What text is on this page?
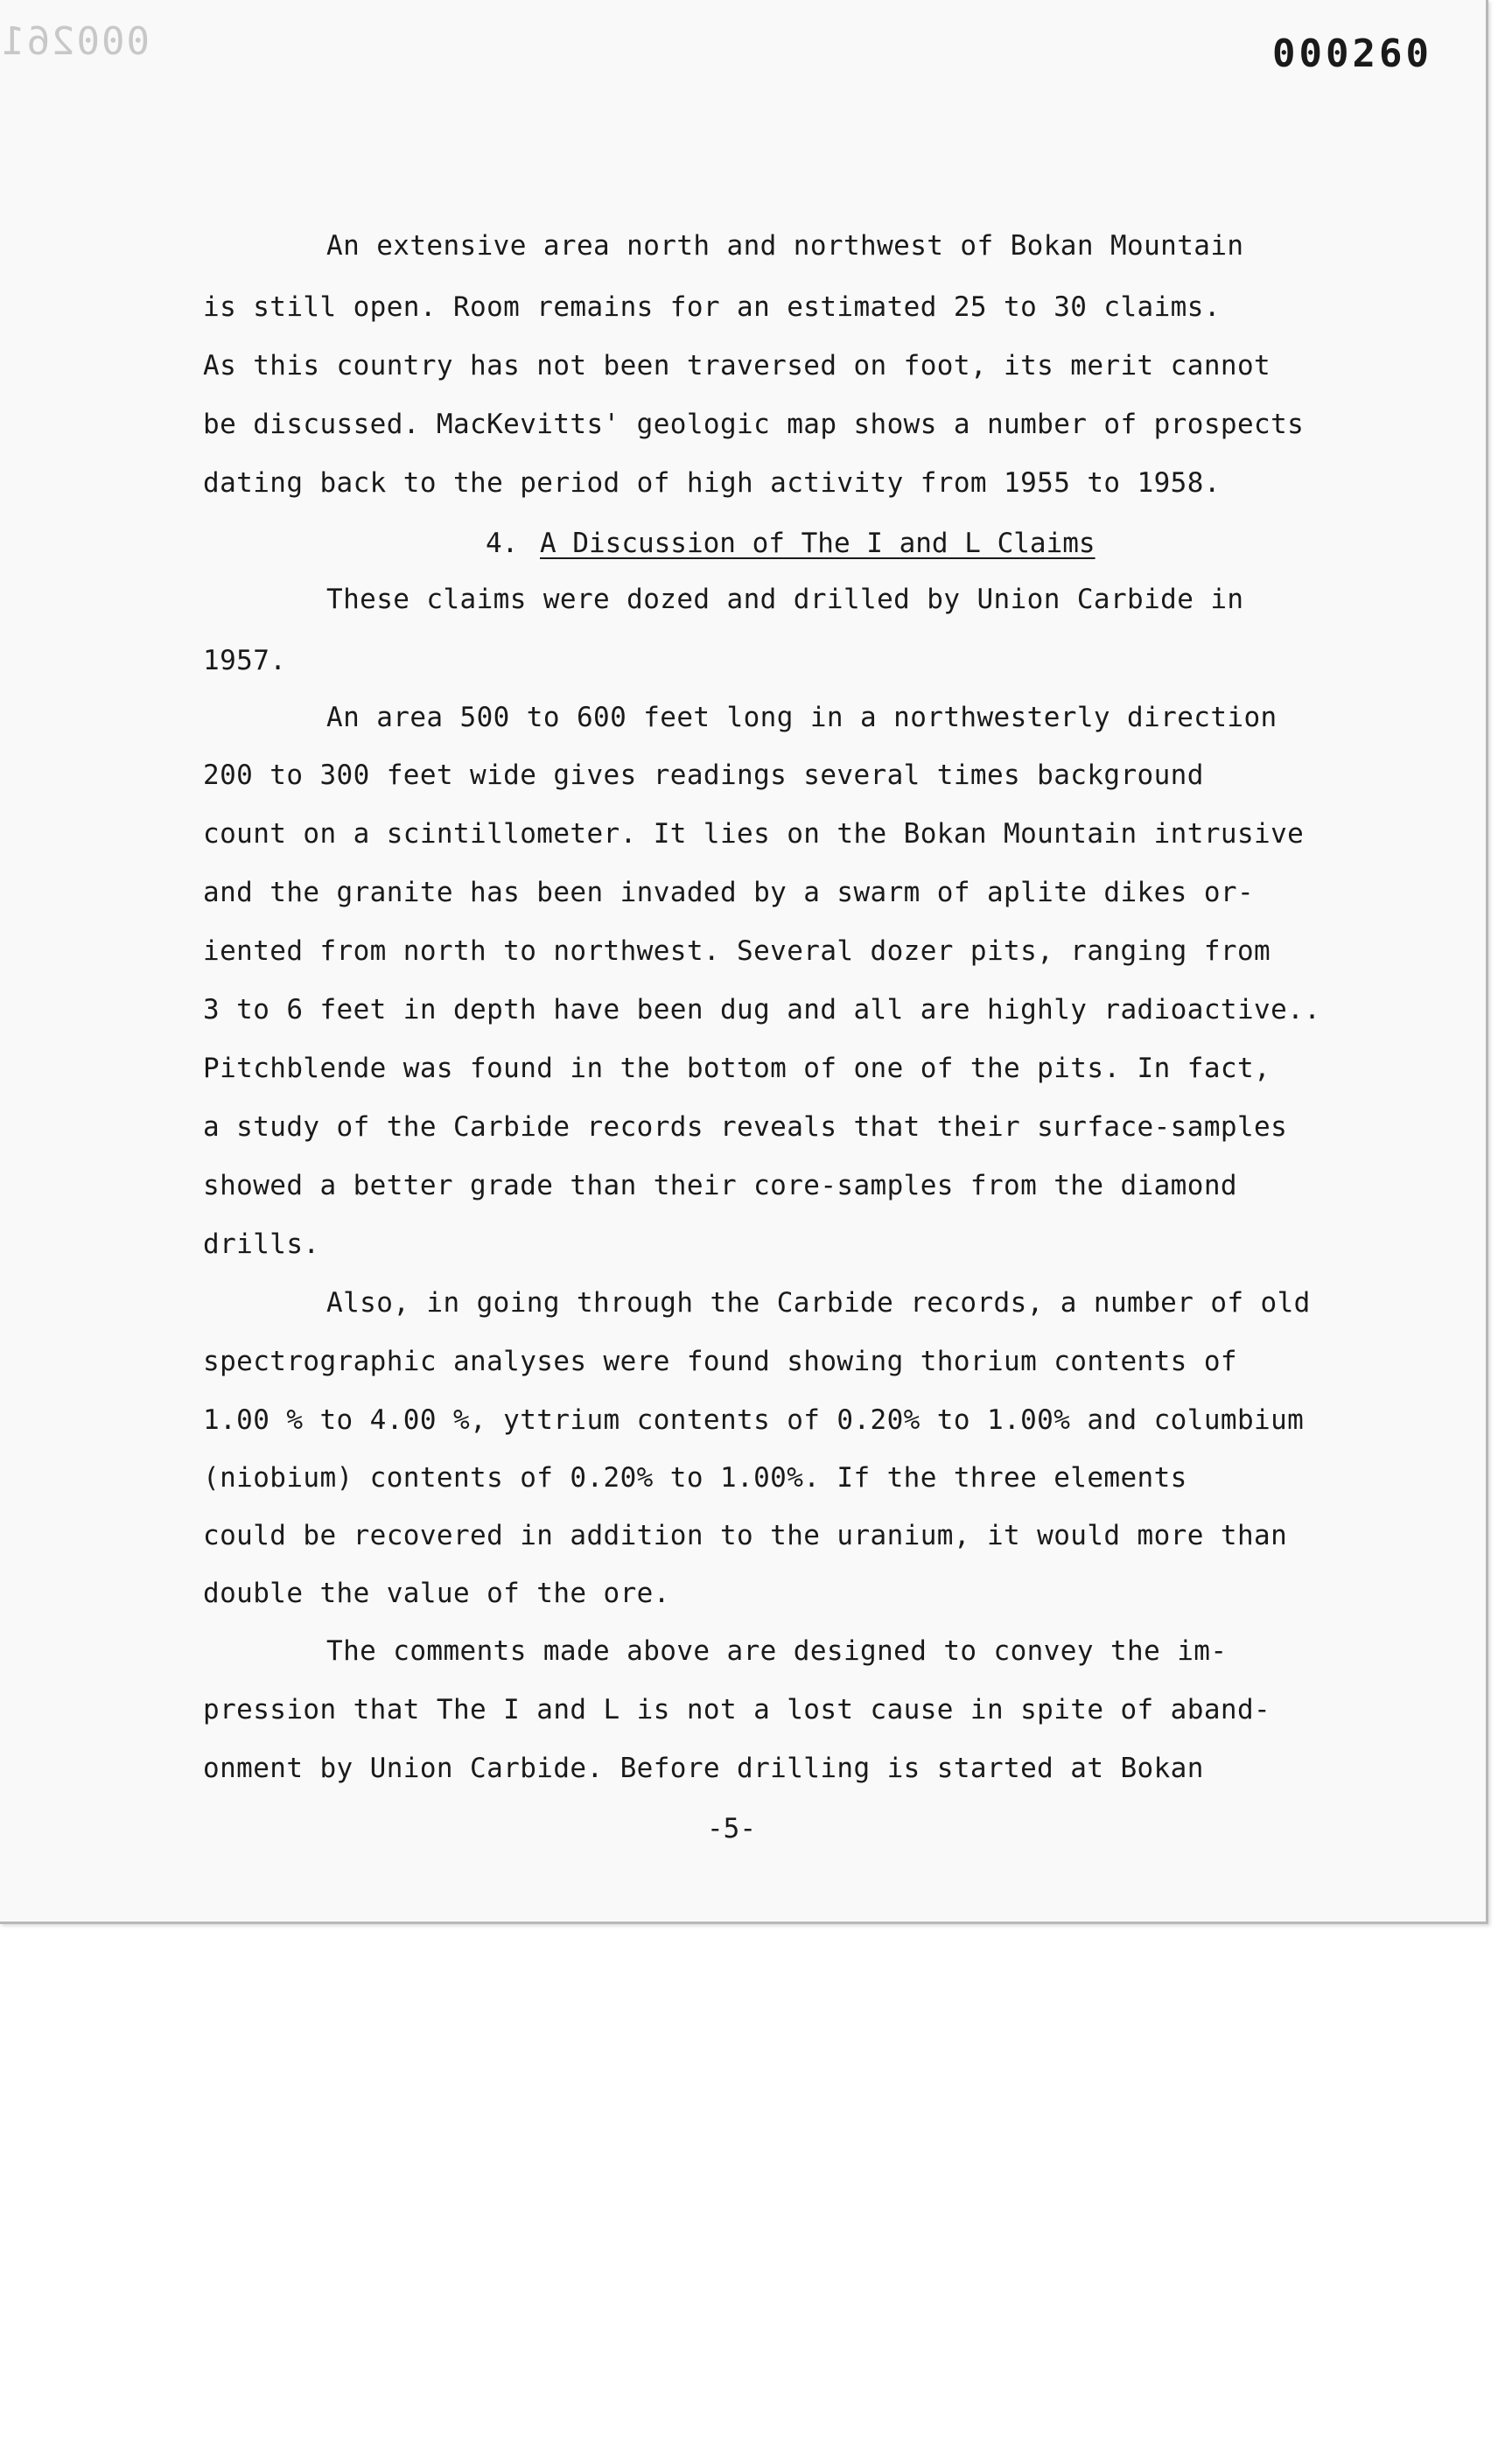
000261	000260
An extensive area north and northwest of Bokan Mountain
is still open. Room remains for an estimated 25 to 30 claims.
As this country has not been traversed on foot, its merit cannot
be discussed. MacKevitts' geologic map shows a number of prospects
dating back to the period of high activity from 1955 to 1958.
4. A Discussion of The I and L Claims
These claims were dozed and drilled by Union Carbide in
1957.
An area 500 to 600 feet long in a northwesterly direction
200 to 300 feet wide gives readings several times background
count on a scintillometer. It lies on the Bokan Mountain intrusive
and the granite has been invaded by a swarm of aplite dikes or-
iented from north to northwest. Several dozer pits, ranging from
3 to 6 feet in depth have been dug and all are highly radioactive..
Pitchblende was found in the bottom of one of the pits. In fact,
a study of the Carbide records reveals that their surface-samples
showed a better grade than their core-samples from the diamond
drills.
Also, in going through the Carbide records, a number of old
spectrographic analyses were found showing thorium contents of
1.00 % to 4.00 %, yttrium contents of 0.20% to 1.00% and columbium
(niobium) contents of 0.20% to 1.00%. If the three elements
could be recovered in addition to the uranium, it would more than
double the value of the ore.
The comments made above are designed to convey the im-
pression that The I and L is not a lost cause in spite of aband-
onment by Union Carbide. Before drilling is started at Bokan
-5-
